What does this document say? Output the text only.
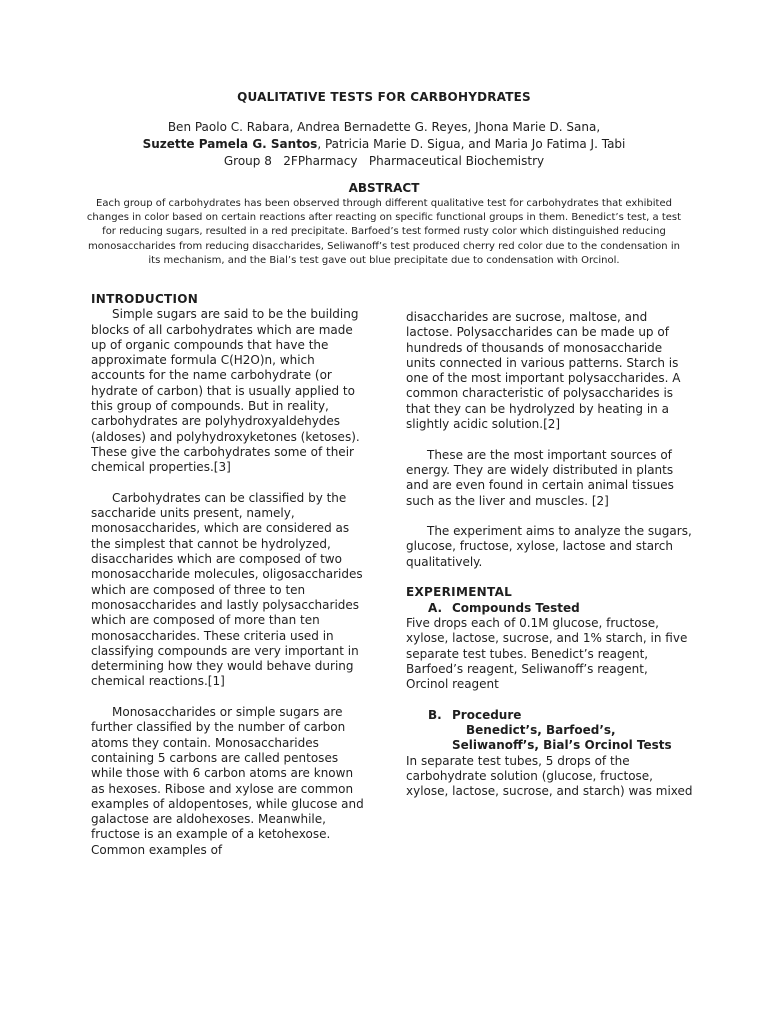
QUALITATIVE TESTS FOR CARBOHYDRATES
Ben Paolo C. Rabara, Andrea Bernadette G. Reyes, Jhona Marie D. Sana,
Suzette Pamela G. Santos, Patricia Marie D. Sigua, and Maria Jo Fatima J. Tabi
Group 8   2FPharmacy   Pharmaceutical Biochemistry
ABSTRACT

Each group of carbohydrates has been observed through different qualitative test for carbohydrates that exhibited changes in color based on certain reactions after reacting on specific functional groups in them. Benedict’s test, a test for reducing sugars, resulted in a red precipitate. Barfoed’s test formed rusty color which distinguished reducing monosaccharides from reducing disaccharides, Seliwanoff’s test produced cherry red color due to the condensation in its mechanism, and the Bial’s test gave out blue precipitate due to condensation with Orcinol.

INTRODUCTION

Simple sugars are said to be the building blocks of all carbohydrates which are made up of organic compounds that have the approximate formula C(H2O)n, which accounts for the name carbohydrate (or hydrate of carbon) that is usually applied to this group of compounds. But in reality, carbohydrates are polyhydroxyaldehydes (aldoses) and polyhydroxyketones (ketoses). These give the carbohydrates some of their chemical properties.[3]

Carbohydrates can be classified by the saccharide units present, namely, monosaccharides, which are considered as the simplest that cannot be hydrolyzed, disaccharides which are composed of two monosaccharide molecules, oligosaccharides which are composed of three to ten monosaccharides and lastly polysaccharides which are composed of more than ten monosaccharides. These criteria used in classifying compounds are very important in determining how they would behave during chemical reactions.[1]

Monosaccharides or simple sugars are further classified by the number of carbon atoms they contain. Monosaccharides containing 5 carbons are called pentoses while those with 6 carbon atoms are known as hexoses. Ribose and xylose are common examples of aldopentoses, while glucose and galactose are aldohexoses. Meanwhile, fructose is an example of a ketohexose. Common examples of

disaccharides are sucrose, maltose, and lactose. Polysaccharides can be made up of hundreds of thousands of monosaccharide units connected in various patterns. Starch is one of the most important polysaccharides. A common characteristic of polysaccharides is that they can be hydrolyzed by heating in a slightly acidic solution.[2]

These are the most important sources of energy. They are widely distributed in plants and are even found in certain animal tissues such as the liver and muscles. [2]

The experiment aims to analyze the sugars, glucose, fructose, xylose, lactose and starch qualitatively.

EXPERIMENTAL

A. Compounds Tested

Five drops each of 0.1M glucose, fructose, xylose, lactose, sucrose, and 1% starch, in five separate test tubes. Benedict’s reagent, Barfoed’s reagent, Seliwanoff’s reagent, Orcinol reagent

B. Procedure
Benedict’s, Barfoed’s,
Seliwanoff’s, Bial’s Orcinol Tests

In separate test tubes, 5 drops of the carbohydrate solution (glucose, fructose, xylose, lactose, sucrose, and starch) was mixed
